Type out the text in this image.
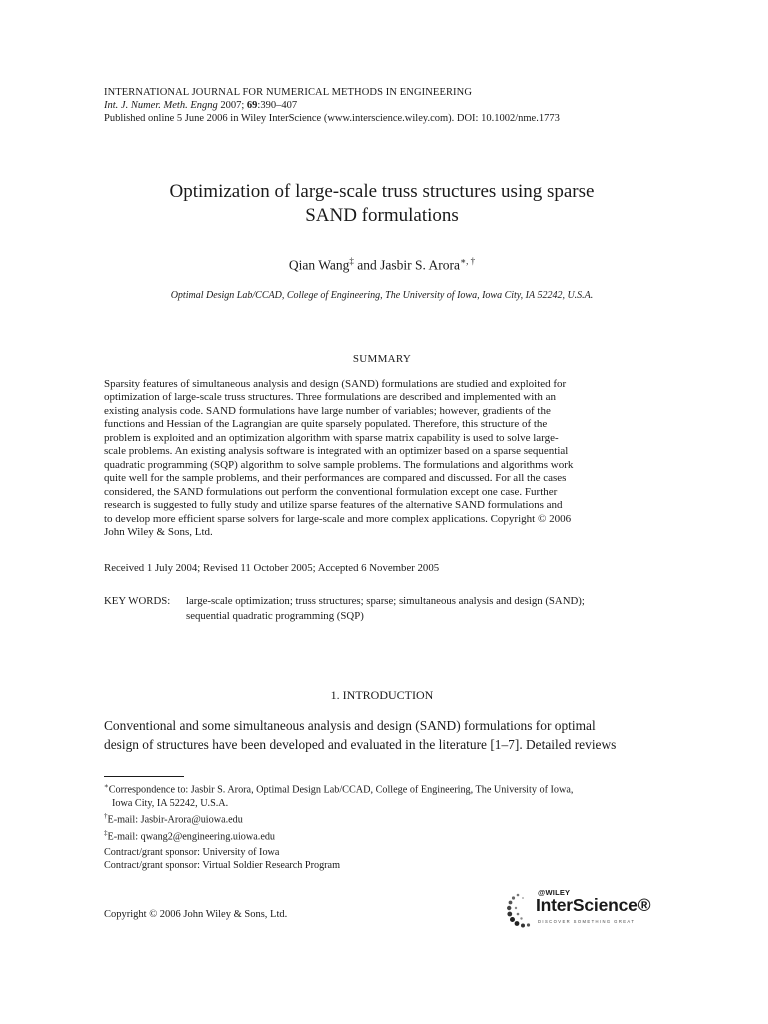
INTERNATIONAL JOURNAL FOR NUMERICAL METHODS IN ENGINEERING
Int. J. Numer. Meth. Engng 2007; 69:390–407
Published online 5 June 2006 in Wiley InterScience (www.interscience.wiley.com). DOI: 10.1002/nme.1773
Optimization of large-scale truss structures using sparse
SAND formulations
Qian Wang‡ and Jasbir S. Arora∗, †
Optimal Design Lab/CCAD, College of Engineering, The University of Iowa, Iowa City, IA 52242, U.S.A.
SUMMARY
Sparsity features of simultaneous analysis and design (SAND) formulations are studied and exploited for
optimization of large-scale truss structures. Three formulations are described and implemented with an
existing analysis code. SAND formulations have large number of variables; however, gradients of the
functions and Hessian of the Lagrangian are quite sparsely populated. Therefore, this structure of the
problem is exploited and an optimization algorithm with sparse matrix capability is used to solve large-
scale problems. An existing analysis software is integrated with an optimizer based on a sparse sequential
quadratic programming (SQP) algorithm to solve sample problems. The formulations and algorithms work
quite well for the sample problems, and their performances are compared and discussed. For all the cases
considered, the SAND formulations out perform the conventional formulation except one case. Further
research is suggested to fully study and utilize sparse features of the alternative SAND formulations and
to develop more efficient sparse solvers for large-scale and more complex applications. Copyright © 2006
John Wiley & Sons, Ltd.
Received 1 July 2004; Revised 11 October 2005; Accepted 6 November 2005
KEY WORDS: large-scale optimization; truss structures; sparse; simultaneous analysis and design (SAND);
sequential quadratic programming (SQP)
1. INTRODUCTION
Conventional and some simultaneous analysis and design (SAND) formulations for optimal
design of structures have been developed and evaluated in the literature [1–7]. Detailed reviews
∗Correspondence to: Jasbir S. Arora, Optimal Design Lab/CCAD, College of Engineering, The University of Iowa,
Iowa City, IA 52242, U.S.A.
†E-mail: Jasbir-Arora@uiowa.edu
‡E-mail: qwang2@engineering.uiowa.edu
Contract/grant sponsor: University of Iowa
Contract/grant sponsor: Virtual Soldier Research Program
Copyright © 2006 John Wiley & Sons, Ltd.
@WILEY
InterScience®
DISCOVER SOMETHING GREAT
